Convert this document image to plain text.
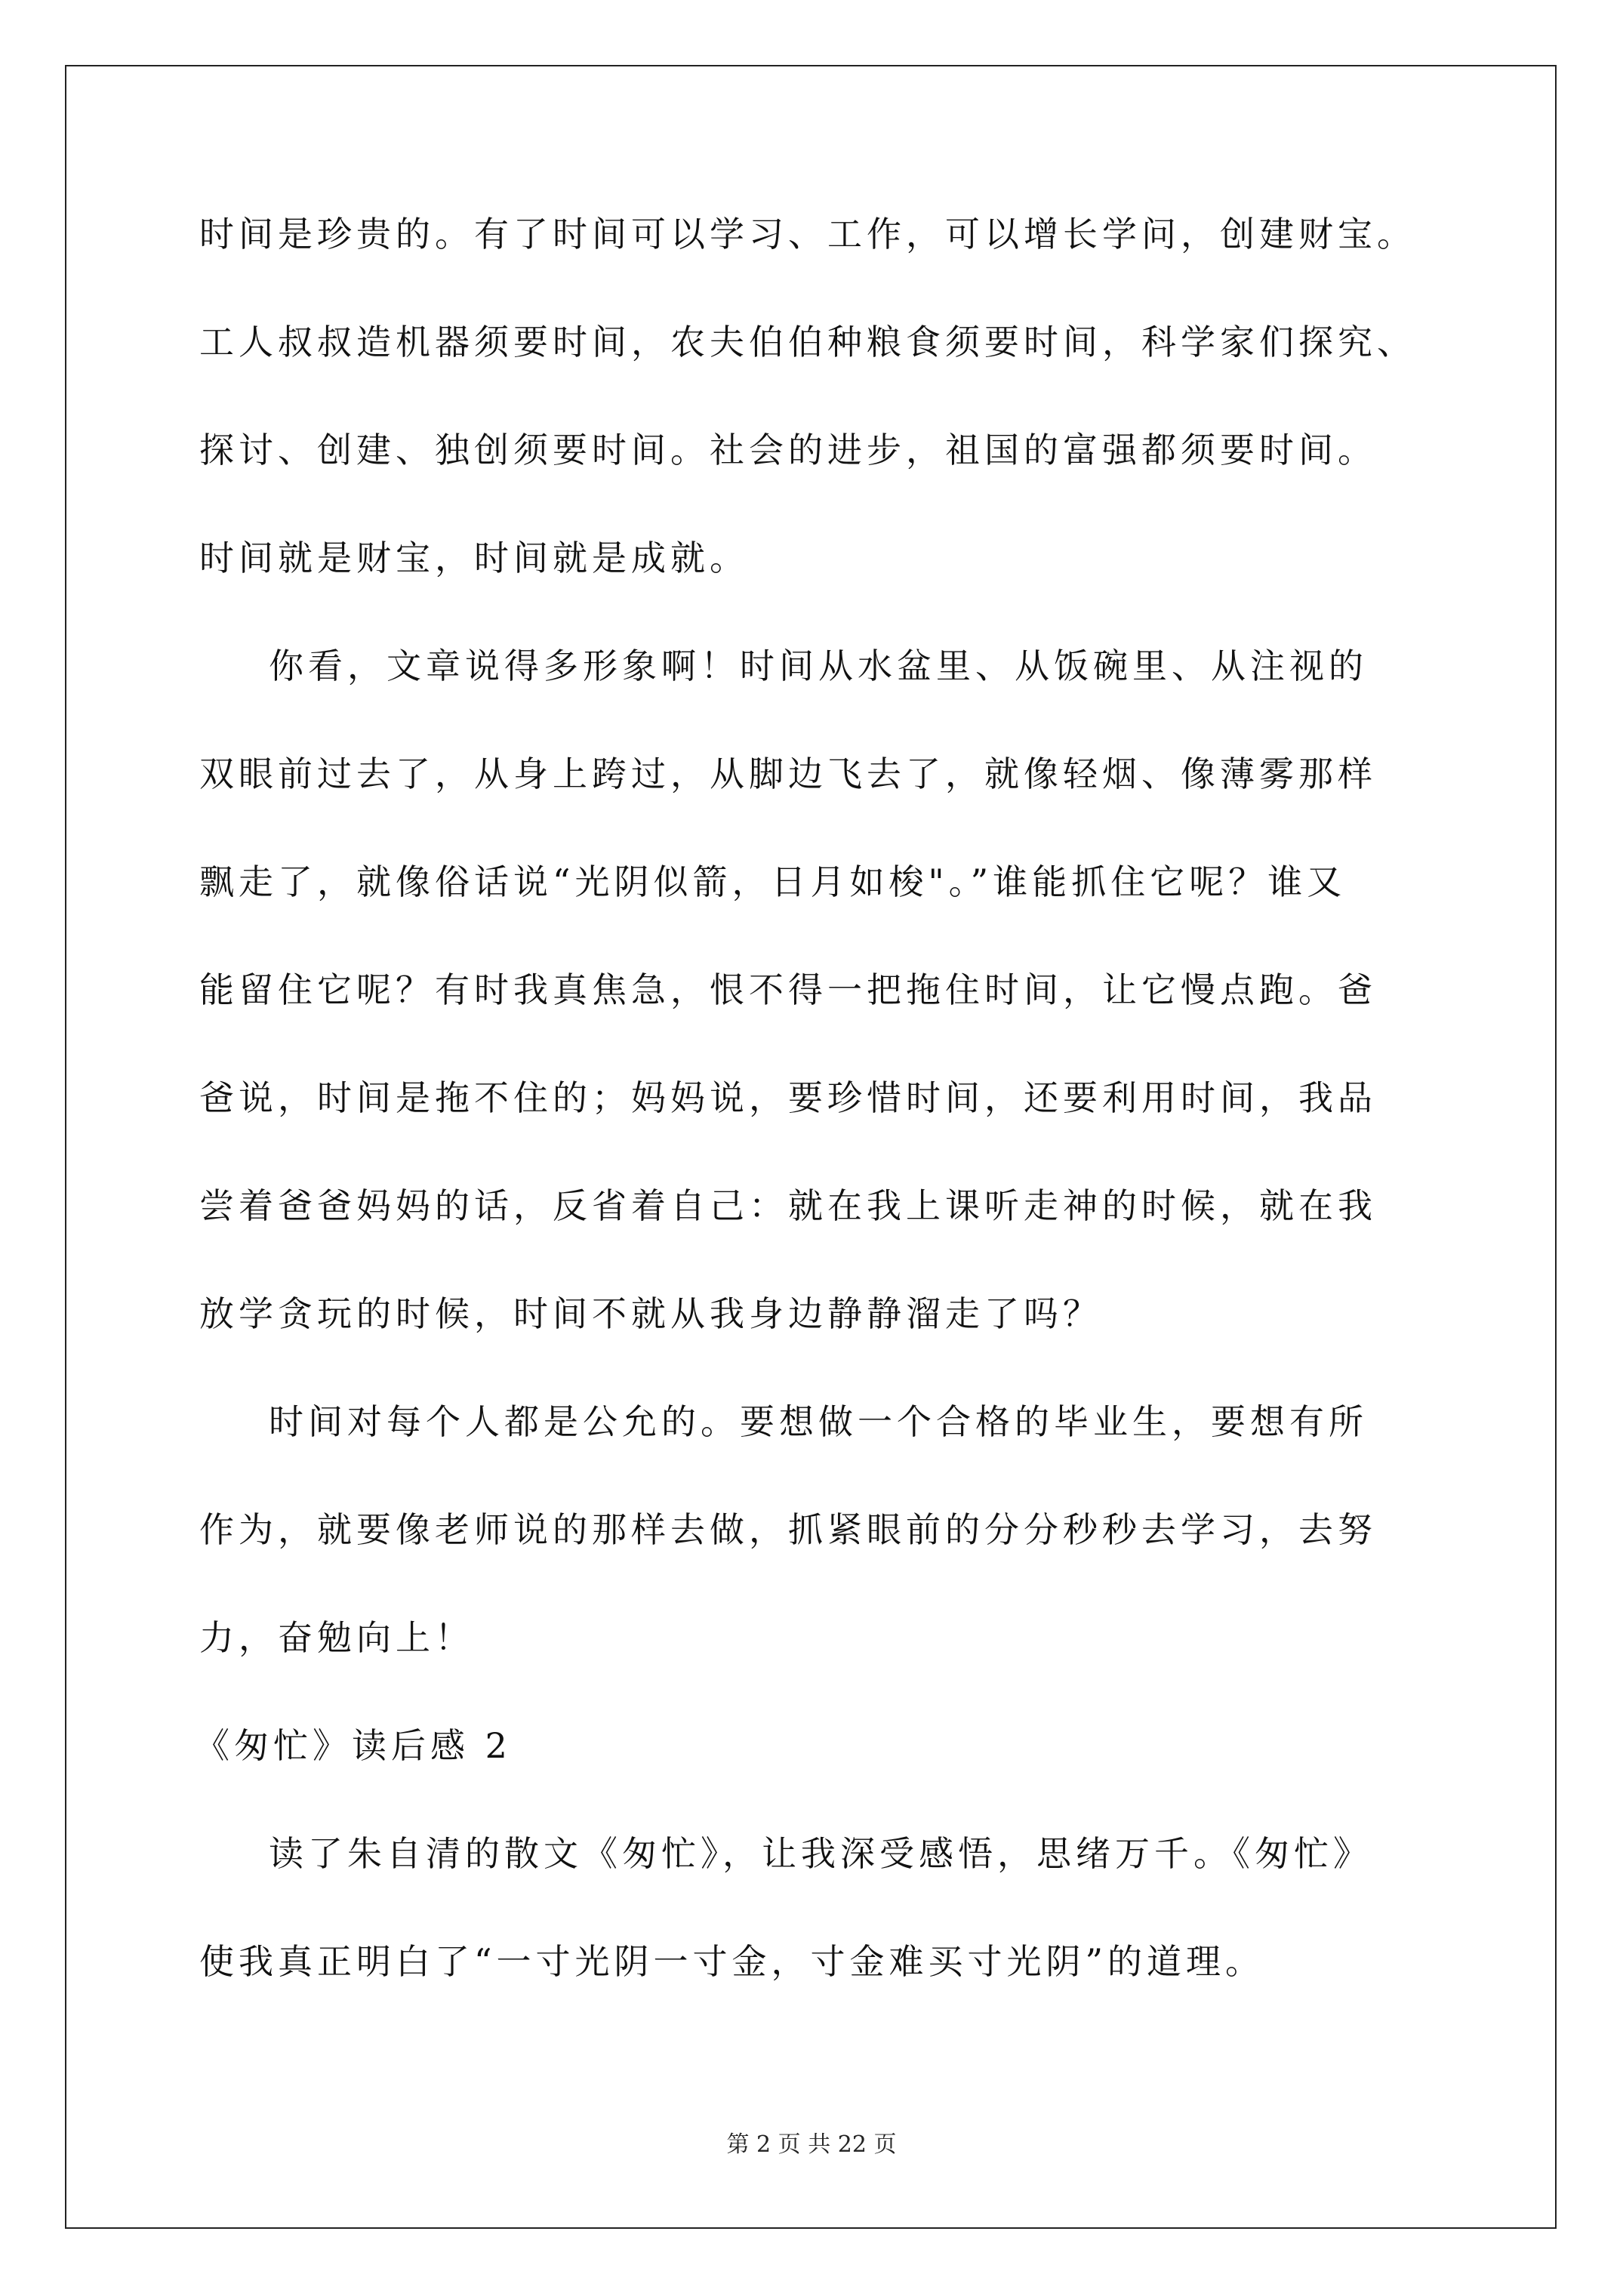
时间是珍贵的。有了时间可以学习、工作，可以增长学问，创建财宝。
工人叔叔造机器须要时间，农夫伯伯种粮食须要时间，科学家们探究、
探讨、创建、独创须要时间。社会的进步，祖国的富强都须要时间。
时间就是财宝，时间就是成就。
你看，文章说得多形象啊！时间从水盆里、从饭碗里、从注视的
双眼前过去了，从身上跨过，从脚边飞去了，就像轻烟、像薄雾那样
飘走了，就像俗话说“光阴似箭，日月如梭"。”谁能抓住它呢？谁又
能留住它呢？有时我真焦急，恨不得一把拖住时间，让它慢点跑。爸
爸说，时间是拖不住的；妈妈说，要珍惜时间，还要利用时间，我品
尝着爸爸妈妈的话，反省着自己：就在我上课听走神的时候，就在我
放学贪玩的时候，时间不就从我身边静静溜走了吗？
时间对每个人都是公允的。要想做一个合格的毕业生，要想有所
作为，就要像老师说的那样去做，抓紧眼前的分分秒秒去学习，去努
力，奋勉向上！
《匆忙》读后感 2
读了朱自清的散文《匆忙》，让我深受感悟，思绪万千。《匆忙》
使我真正明白了“一寸光阴一寸金，寸金难买寸光阴”的道理。
第 2 页 共 22 页
